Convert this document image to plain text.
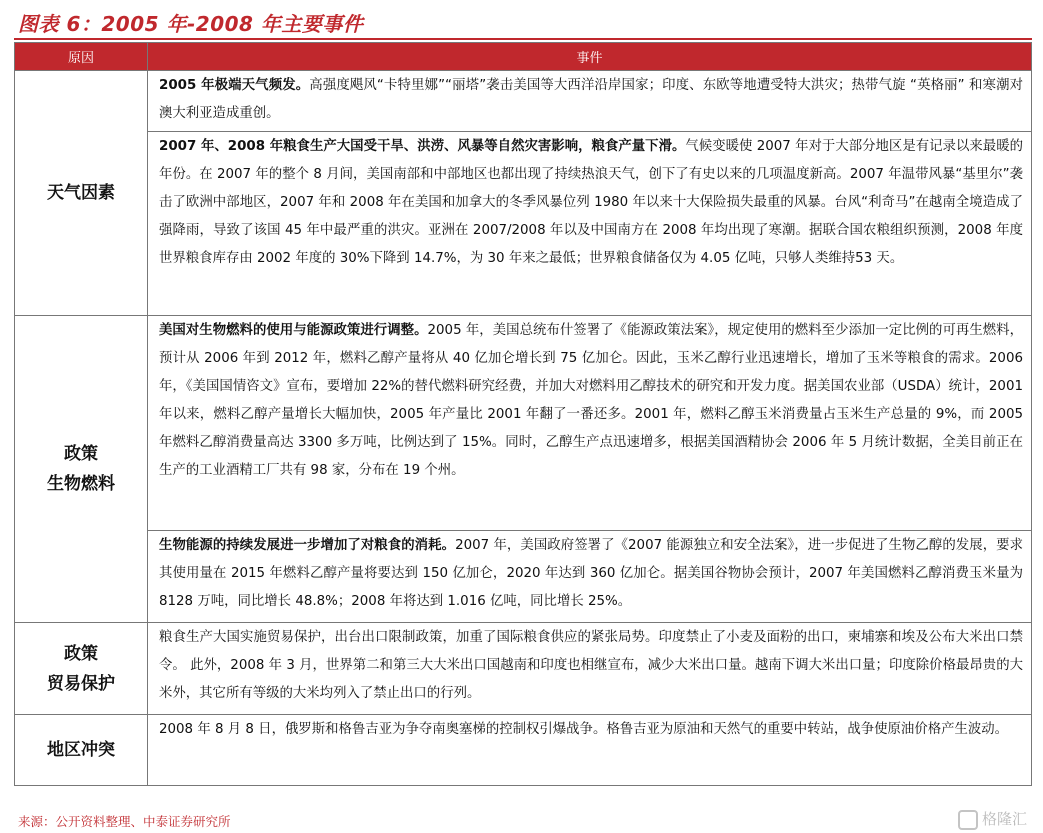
图表 6：2005 年-2008 年主要事件
原因	事件
天气因素	2005 年极端天气频发。高强度飓风“卡特里娜”“丽塔”袭击美国等大西洋沿岸国家；印度、东欧等地遭受特大洪灾；热带气旋 “英格丽” 和寒潮对澳大利亚造成重创。
	2007 年、2008 年粮食生产大国受干旱、洪涝、风暴等自然灾害影响，粮食产量下滑。气候变暖使 2007 年对于大部分地区是有记录以来最暖的年份。在 2007 年的整个 8 月间，美国南部和中部地区也都出现了持续热浪天气，创下了有史以来的几项温度新高。2007 年温带风暴“基里尔”袭击了欧洲中部地区，2007 年和 2008 年在美国和加拿大的冬季风暴位列 1980 年以来十大保险损失最重的风暴。台风“利奇马”在越南全境造成了强降雨，导致了该国 45 年中最严重的洪灾。亚洲在 2007/2008 年以及中国南方在 2008 年均出现了寒潮。据联合国农粮组织预测，2008 年度世界粮食库存由 2002 年度的 30%下降到 14.7%，为 30 年来之最低；世界粮食储备仅为 4.05 亿吨，只够人类维持53 天。

政策
生物燃料	美国对生物燃料的使用与能源政策进行调整。2005 年，美国总统布什签署了《能源政策法案》，规定使用的燃料至少添加一定比例的可再生燃料，预计从 2006 年到 2012 年，燃料乙醇产量将从 40 亿加仑增长到 75 亿加仑。因此，玉米乙醇行业迅速增长，增加了玉米等粮食的需求。2006 年，《美国国情咨文》宣布，要增加 22%的替代燃料研究经费，并加大对燃料用乙醇技术的研究和开发力度。据美国农业部（USDA）统计，2001 年以来，燃料乙醇产量增长大幅加快，2005 年产量比 2001 年翻了一番还多。2001 年，燃料乙醇玉米消费量占玉米生产总量的 9%，而 2005 年燃料乙醇消费量高达 3300 多万吨，比例达到了 15%。同时，乙醇生产点迅速增多，根据美国酒精协会 2006 年 5 月统计数据，全美目前正在生产的工业酒精工厂共有 98 家，分布在 19 个州。
	生物能源的持续发展进一步增加了对粮食的消耗。2007 年，美国政府签署了《2007 能源独立和安全法案》，进一步促进了生物乙醇的发展，要求其使用量在 2015 年燃料乙醇产量将要达到 150 亿加仑，2020 年达到 360 亿加仑。据美国谷物协会预计，2007 年美国燃料乙醇消费玉米量为 8128 万吨，同比增长 48.8%；2008 年将达到 1.016 亿吨，同比增长 25%。

政策
贸易保护	粮食生产大国实施贸易保护，出台出口限制政策，加重了国际粮食供应的紧张局势。印度禁止了小麦及面粉的出口，柬埔寨和埃及公布大米出口禁令。 此外，2008 年 3 月，世界第二和第三大大米出口国越南和印度也相继宣布，减少大米出口量。越南下调大米出口量；印度除价格最昂贵的大米外，其它所有等级的大米均列入了禁止出口的行列。
地区冲突	2008 年 8 月 8 日，俄罗斯和格鲁吉亚为争夺南奥塞梯的控制权引爆战争。格鲁吉亚为原油和天然气的重要中转站，战争使原油价格产生波动。
来源：公开资料整理、中泰证券研究所	格隆汇
